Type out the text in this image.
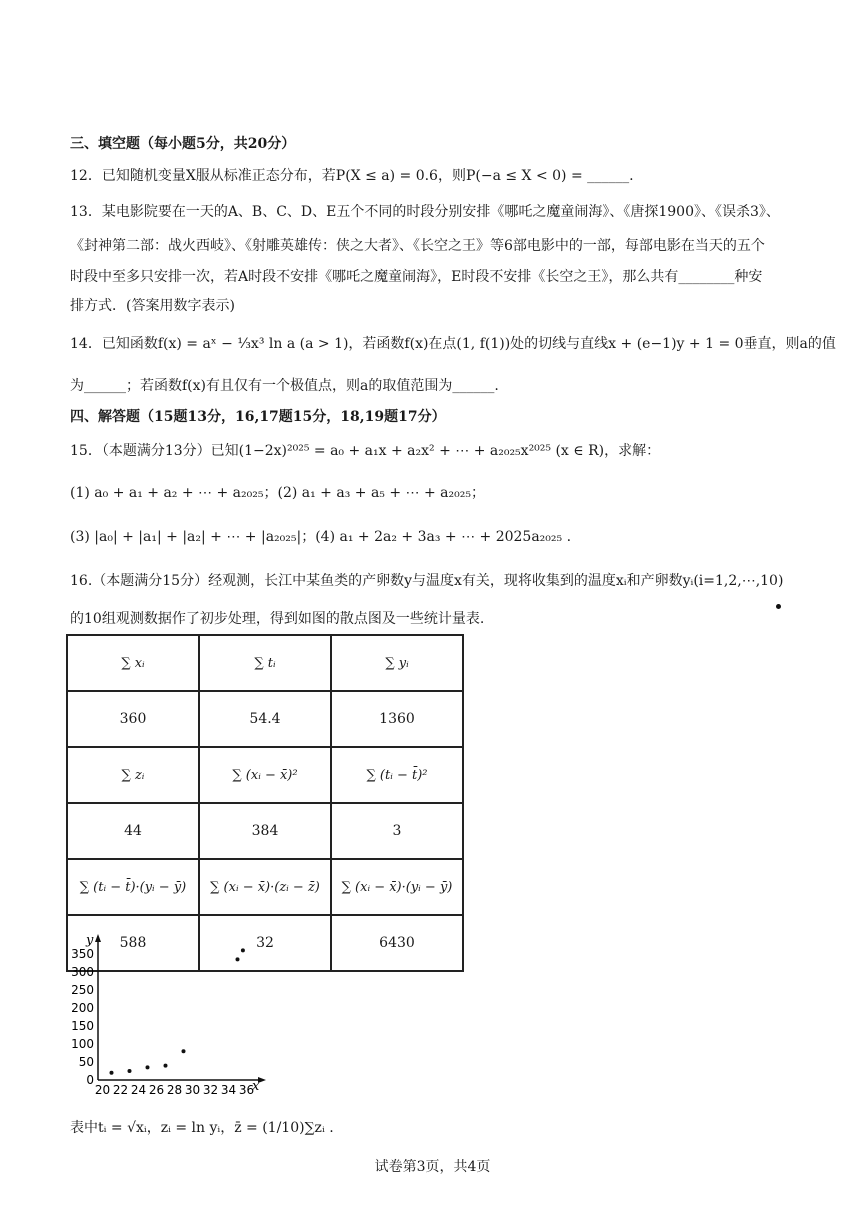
三、填空题（每小题5分，共20分）
12．已知随机变量X服从标准正态分布，若P(X ≤ a) = 0.6，则P(−a ≤ X < 0) = ______.
13．某电影院要在一天的A、B、C、D、E五个不同的时段分别安排《哪吒之魔童闹海》、《唐探1900》、《误杀3》、
《封神第二部：战火西岐》、《射雕英雄传：侠之大者》、《长空之王》等6部电影中的一部，每部电影在当天的五个
时段中至多只安排一次，若A时段不安排《哪吒之魔童闹海》，E时段不安排《长空之王》，那么共有________种安
排方式．(答案用数字表示)
14．已知函数f(x) = aˣ − ⅓x³ ln a (a > 1)，若函数f(x)在点(1, f(1))处的切线与直线x + (e−1)y + 1 = 0垂直，则a的值
为______；若函数f(x)有且仅有一个极值点，则a的取值范围为______.
四、解答题（15题13分，16,17题15分，18,19题17分）
15．（本题满分13分）已知(1−2x)²⁰²⁵ = a₀ + a₁x + a₂x² + ⋯ + a₂₀₂₅x²⁰²⁵ (x ∈ R)，求解：
(1) a₀ + a₁ + a₂ + ⋯ + a₂₀₂₅；(2) a₁ + a₃ + a₅ + ⋯ + a₂₀₂₅；
(3) |a₀| + |a₁| + |a₂| + ⋯ + |a₂₀₂₅|；(4) a₁ + 2a₂ + 3a₃ + ⋯ + 2025a₂₀₂₅ .
16.（本题满分15分）经观测，长江中某鱼类的产卵数y与温度x有关，现将收集到的温度xᵢ和产卵数yᵢ(i=1,2,⋯,10)
的10组观测数据作了初步处理，得到如图的散点图及一些统计量表.
∑ xᵢ	∑ tᵢ	∑ yᵢ
360	54.4	1360
∑ zᵢ	∑ (xᵢ − x̄)²	∑ (tᵢ − t̄)²
44	384	3
∑ (tᵢ − t̄)·(yᵢ − ȳ)	∑ (xᵢ − x̄)·(zᵢ − z̄)	∑ (xᵢ − x̄)·(yᵢ − ȳ)
588	32	6430
y
x
350
300
250
200
150
100
50
0
20 22 24 26 28 30 32 34 36
表中tᵢ = √xᵢ，zᵢ = ln yᵢ，z̄ = (1/10)∑zᵢ .
试卷第3页，共4页
